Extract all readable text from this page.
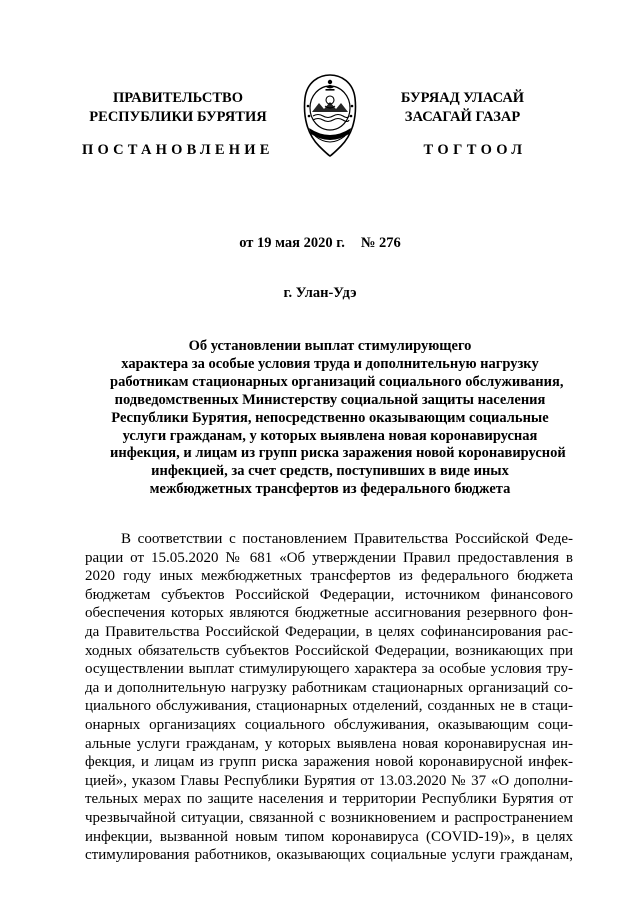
ПРАВИТЕЛЬСТВО
РЕСПУБЛИКИ БУРЯТИЯ
БУРЯАД УЛАСАЙ
ЗАСАГАЙ ГАЗАР
ПОСТАНОВЛЕНИЕ	ТОГТООЛ
от 19 мая 2020 г. № 276
г. Улан-Удэ
Об установлении выплат стимулирующего
характера за особые условия труда и дополнительную нагрузку
работникам стационарных организаций социального обслуживания,
подведомственных Министерству социальной защиты населения
Республики Бурятия, непосредственно оказывающим социальные
услуги гражданам, у которых выявлена новая коронавирусная
инфекция, и лицам из групп риска заражения новой коронавирусной
инфекцией, за счет средств, поступивших в виде иных
межбюджетных трансфертов из федерального бюджета
В соответствии с постановлением Правительства Российской Феде-
рации от 15.05.2020 № 681 «Об утверждении Правил предоставления в
2020 году иных межбюджетных трансфертов из федерального бюджета
бюджетам субъектов Российской Федерации, источником финансового
обеспечения которых являются бюджетные ассигнования резервного фон-
да Правительства Российской Федерации, в целях софинансирования рас-
ходных обязательств субъектов Российской Федерации, возникающих при
осуществлении выплат стимулирующего характера за особые условия тру-
да и дополнительную нагрузку работникам стационарных организаций со-
циального обслуживания, стационарных отделений, созданных не в стаци-
онарных организациях социального обслуживания, оказывающим соци-
альные услуги гражданам, у которых выявлена новая коронавирусная ин-
фекция, и лицам из групп риска заражения новой коронавирусной инфек-
цией», указом Главы Республики Бурятия от 13.03.2020 № 37 «О дополни-
тельных мерах по защите населения и территории Республики Бурятия от
чрезвычайной ситуации, связанной с возникновением и распространением
инфекции, вызванной новым типом коронавируса (COVID-19)», в целях
стимулирования работников, оказывающих социальные услуги гражданам,
